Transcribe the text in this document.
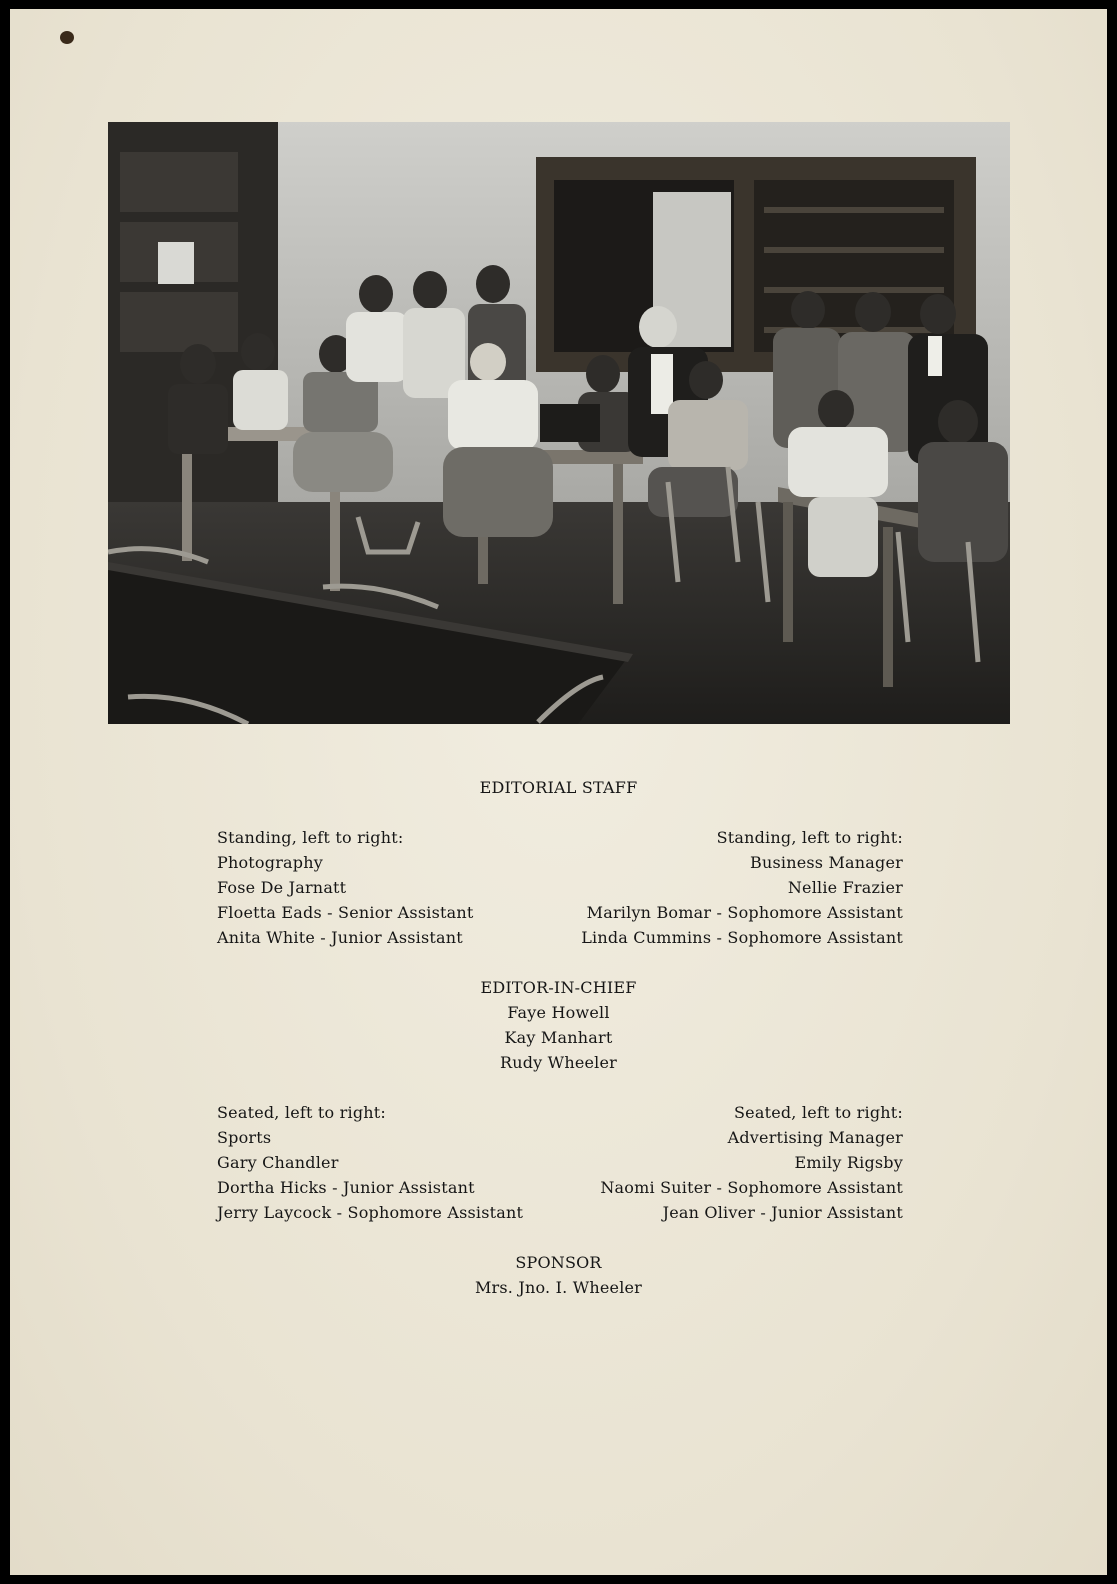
EDITORIAL STAFF
Standing, left to right:
Photography
Fose De Jarnatt
Floetta Eads - Senior Assistant
Anita White - Junior Assistant
Standing, left to right:
Business Manager
Nellie Frazier
Marilyn Bomar - Sophomore Assistant
Linda Cummins - Sophomore Assistant
EDITOR-IN-CHIEF
Faye Howell
Kay Manhart
Rudy Wheeler
Seated, left to right:
Sports
Gary Chandler
Dortha Hicks - Junior Assistant
Jerry Laycock - Sophomore Assistant
Seated, left to right:
Advertising Manager
Emily Rigsby
Naomi Suiter - Sophomore Assistant
Jean Oliver - Junior Assistant
SPONSOR
Mrs. Jno. I. Wheeler
